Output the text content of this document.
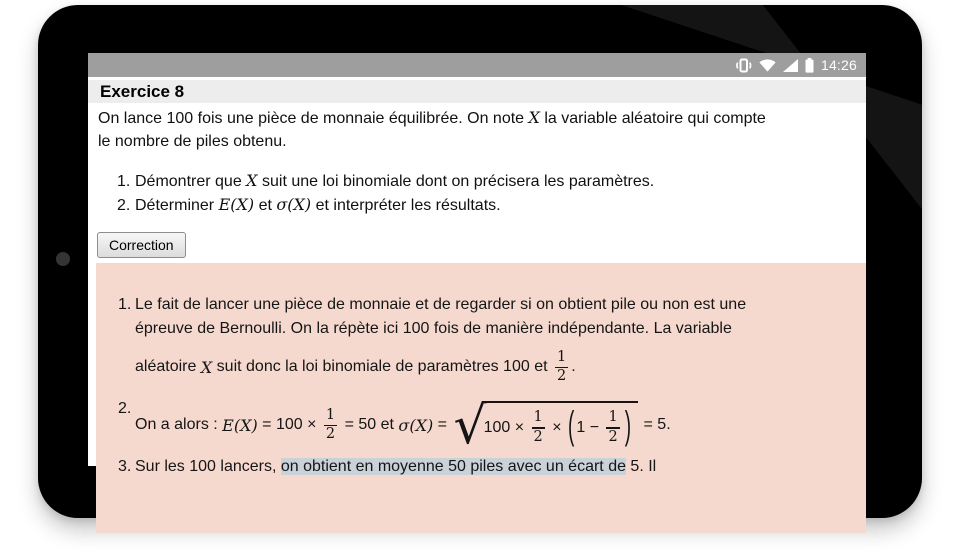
14:26
Exercice 8

On lance 100 fois une pièce de monnaie équilibrée. On note X la variable aléatoire qui compte
le nombre de piles obtenu.

1. Démontrer que X suit une loi binomiale dont on précisera les paramètres.
2. Déterminer E(X) et σ(X) et interpréter les résultats.
Correction
1. Le fait de lancer une pièce de monnaie et de regarder si on obtient pile ou non est une
épreuve de Bernoulli. On la répète ici 100 fois de manière indépendante. La variable
aléatoire X suit donc la loi binomiale de paramètres 100 et $\frac{1}{2}$ .
2.
On a alors : $E(X) = 100 \times \frac{1}{2} = 50$ et σ(X) = √
$100 \times \frac{1}{2}$ × ( $1 - \frac{1}{2}$ ) = 5.
3. Sur les 100 lancers, on obtient en moyenne 50 piles avec un écart de 5. Il
